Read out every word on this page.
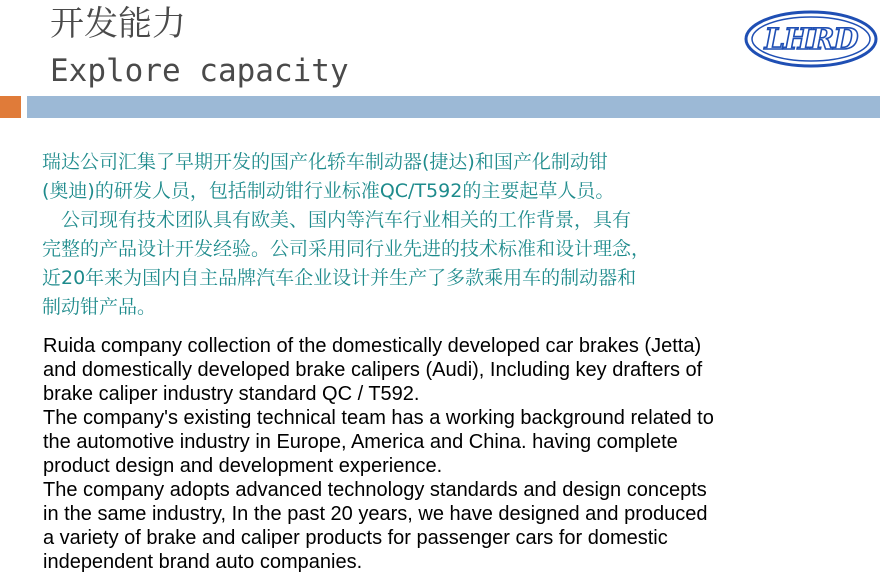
开发能力
Explore capacity
LHRD
瑞达公司汇集了早期开发的国产化轿车制动器(捷达)和国产化制动钳
(奥迪)的研发人员，包括制动钳行业标准QC/T592的主要起草人员。
　公司现有技术团队具有欧美、国内等汽车行业相关的工作背景，具有
完整的产品设计开发经验。公司采用同行业先进的技术标准和设计理念，
近20年来为国内自主品牌汽车企业设计并生产了多款乘用车的制动器和
制动钳产品。
Ruida company collection of the domestically developed car brakes (Jetta)
and domestically developed brake calipers (Audi), Including key drafters of
brake caliper industry standard QC / T592.
The company's existing technical team has a working background related to
the automotive industry in Europe, America and China. having complete
product design and development experience.
The company adopts advanced technology standards and design concepts
in the same industry, In the past 20 years, we have designed and produced
a variety of brake and caliper products for passenger cars for domestic
independent brand auto companies.
